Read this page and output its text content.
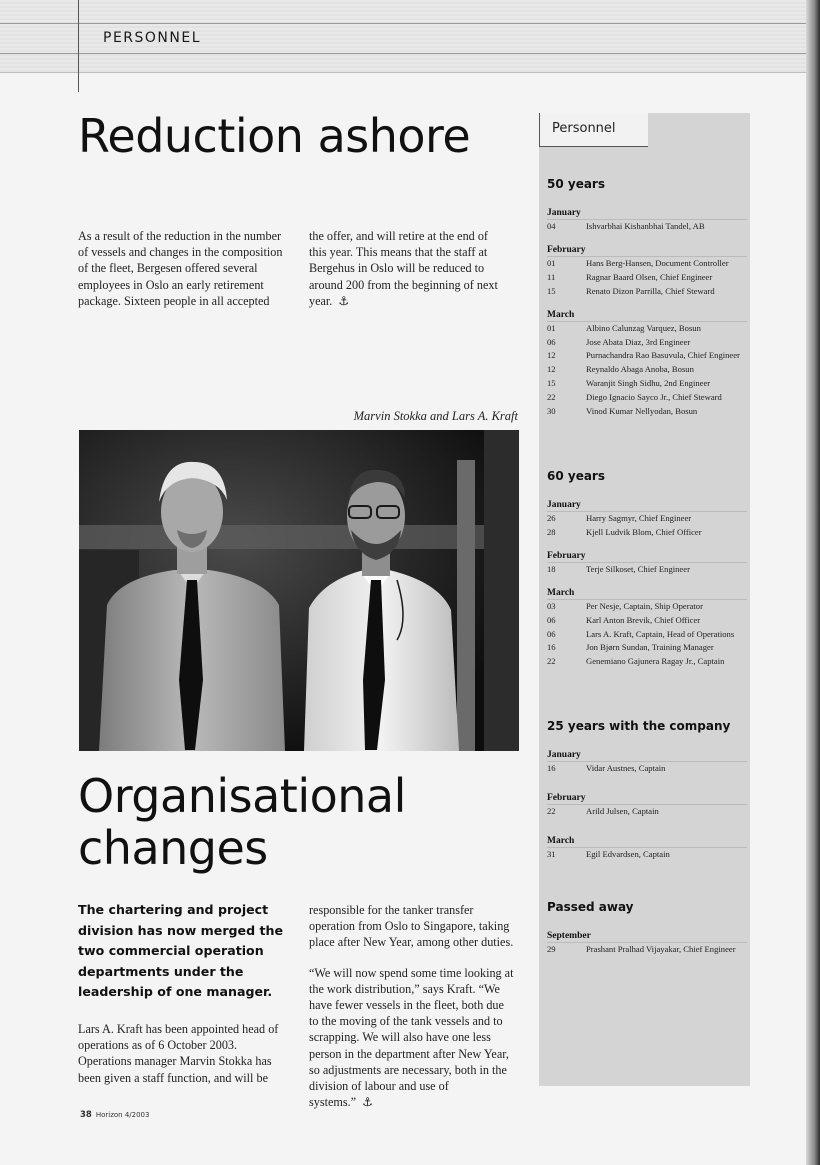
PERSONNEL
Reduction ashore

As a result of the reduction in the number of vessels and changes in the composition of the fleet, Bergesen offered several employees in Oslo an early retirement package. Sixteen people in all accepted

the offer, and will retire at the end of this year. This means that the staff at Bergehus in Oslo will be reduced to around 200 from the beginning of next year. ⚓

Marvin Stokka and Lars A. Kraft
Organisational changes
The chartering and project division has now merged the two commercial operation departments under the leadership of one manager.

Lars A. Kraft has been appointed head of operations as of 6 October 2003. Operations manager Marvin Stokka has been given a staff function, and will be

responsible for the tanker transfer operation from Oslo to Singapore, taking place after New Year, among other duties.

“We will now spend some time looking at the work distribution,” says Kraft. “We have fewer vessels in the fleet, both due to the moving of the tank vessels and to scrapping. We will also have one less person in the department after New Year, so adjustments are necessary, both in the division of labour and use of systems.” ⚓

Personnel
50 years
January
04	Ishvarbhai Kishanbhai Tandel, AB
February
01	Hans Berg-Hansen, Document Controller
11	Ragnar Baard Olsen, Chief Engineer
15	Renato Dizon Parrilla, Chief Steward
March
01	Albino Calunzag Varquez, Bosun
06	Jose Abata Diaz, 3rd Engineer
12	Purnachandra Rao Basuvula, Chief Engineer
12	Reynaldo Abaga Anoba, Bosun
15	Waranjit Singh Sidhu, 2nd Engineer
22	Diego Ignacio Sayco Jr., Chief Steward
30	Vinod Kumar Nellyodan, Bosun
60 years
January
26	Harry Sagmyr, Chief Engineer
28	Kjell Ludvik Blom, Chief Officer
February
18	Terje Silkoset, Chief Engineer
March
03	Per Nesje, Captain, Ship Operator
06	Karl Anton Brevik, Chief Officer
06	Lars A. Kraft, Captain, Head of Operations
16	Jon Bjørn Sundan, Training Manager
22	Genemiano Gajunera Ragay Jr., Captain
25 years with the company
January
16	Vidar Austnes, Captain
February
22	Arild Julsen, Captain
March
31	Egil Edvardsen, Captain
Passed away
September
29	Prashant Pralhad Vijayakar, Chief Engineer
38 Horizon 4/2003
